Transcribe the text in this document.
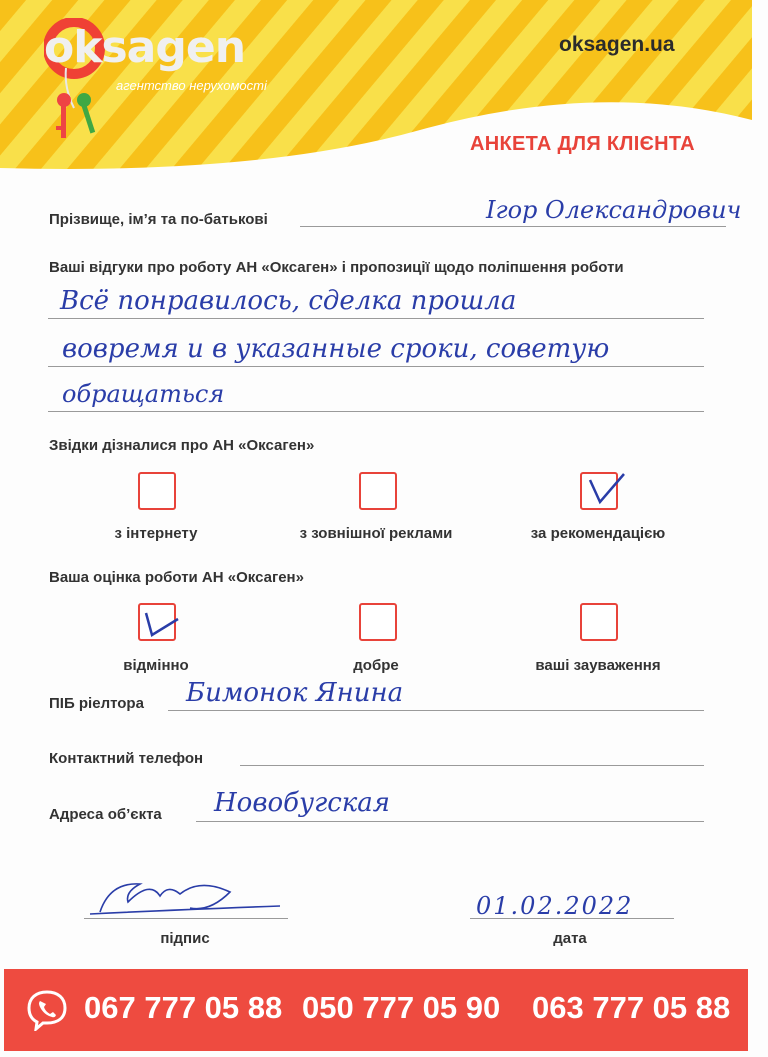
oksagen
агентство нерухомості
oksagen.ua
АНКЕТА ДЛЯ КЛІЄНТА
Прізвище, ім’я та по-батькові	Ігор Олександрович
Ваші відгуки про роботу АН «Оксаген» і пропозиції щодо поліпшення роботи
Всё понравилось, сделка прошла
вовремя и в указанные сроки, советую
обращаться
Звідки дізналися про АН «Оксаген»
з інтернету	з зовнішної реклами	за рекомендацією
Ваша оцінка роботи АН «Оксаген»
відмінно	добре	ваші зауваження
ПІБ ріелтора Бимонок Янина
Контактний телефон
Адреса об’єкта Новобугская
підпис
01.02.2022
дата
067 777 05 88 050 777 05 90 063 777 05 88
